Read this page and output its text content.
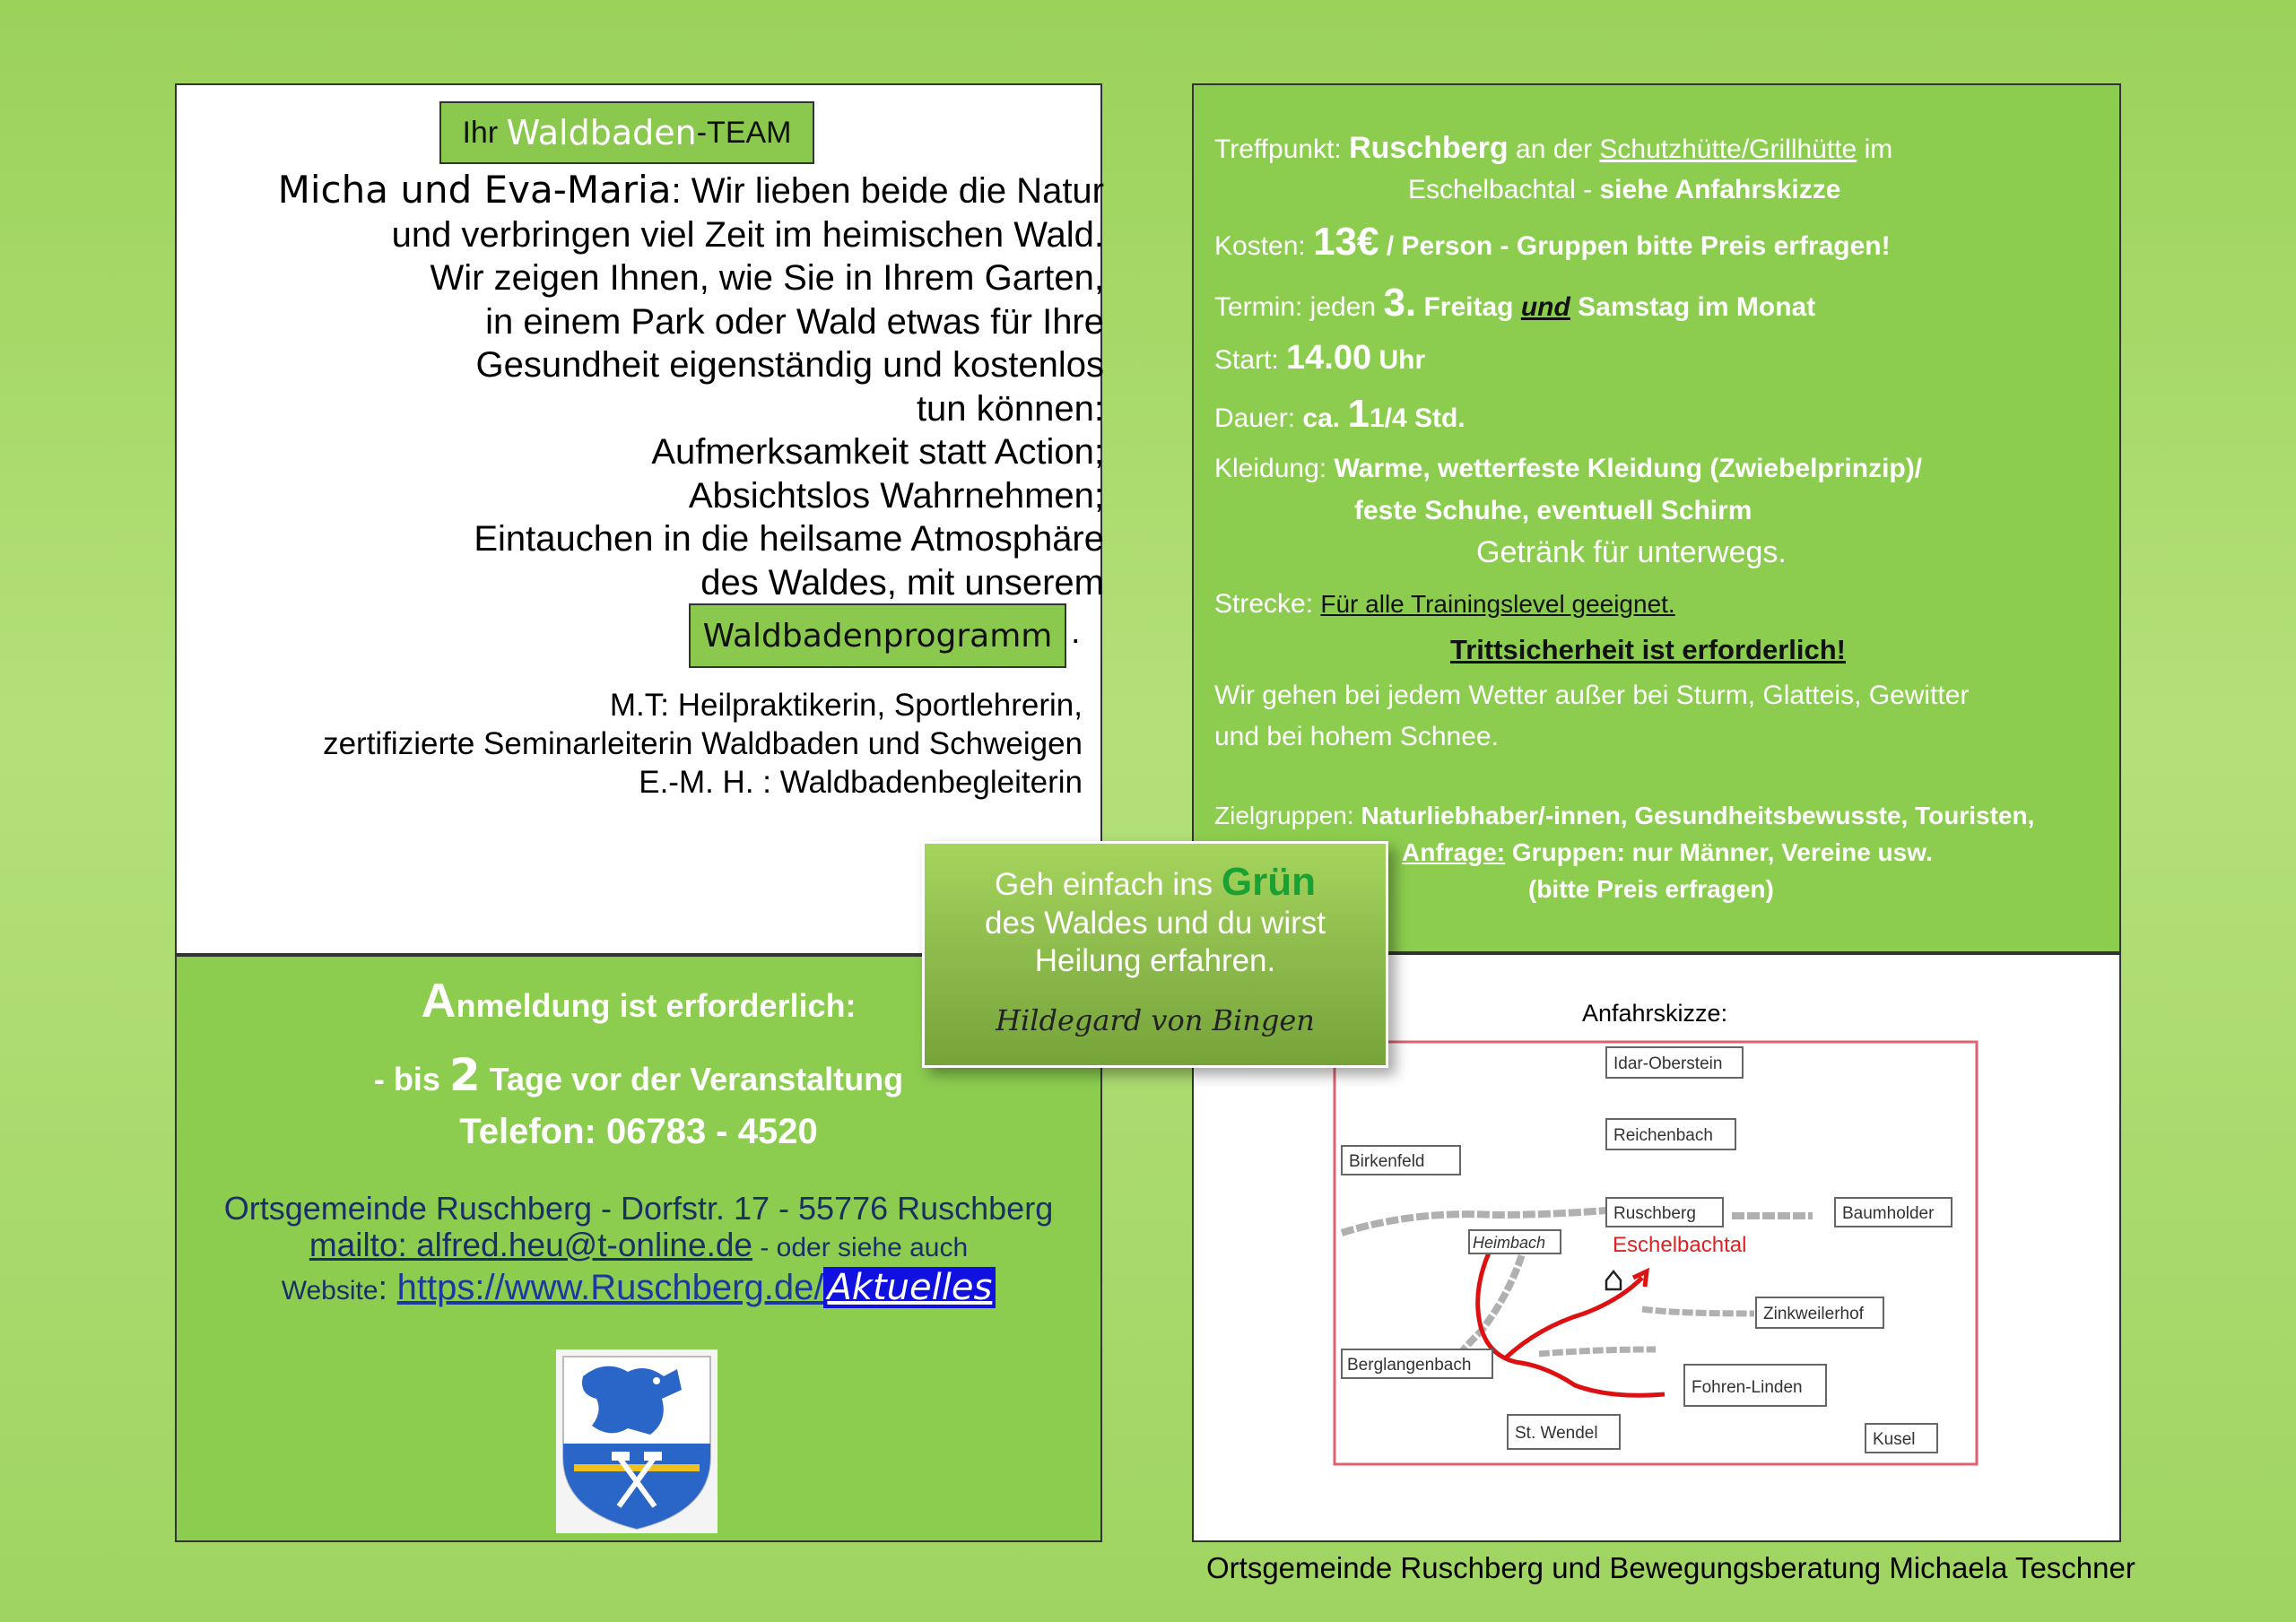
Ihr
Waldbaden -TEAM
Micha und Eva-Maria: Wir lieben beide die Natur
und verbringen viel Zeit im heimischen Wald.
Wir zeigen Ihnen, wie Sie in Ihrem Garten,
in einem Park oder Wald etwas für Ihre
Gesundheit eigenständig und kostenlos
tun können:
Aufmerksamkeit statt Action;
Absichtslos Wahrnehmen;
Eintauchen in die heilsame Atmosphäre
des Waldes, mit unserem
Waldbadenprogramm .
M.T: Heilpraktikerin, Sportlehrerin,
zertifizierte Seminarleiterin Waldbaden und Schweigen
E.-M. H. : Waldbadenbegleiterin
Anmeldung ist erforderlich:
- bis 2 Tage vor der Veranstaltung
Telefon: 06783 - 4520
Ortsgemeinde Ruschberg - Dorfstr. 17 - 55776 Ruschberg
mailto: alfred.heu@t-online.de - oder siehe auch
Website: https://www.Ruschberg.de/ Aktuelles
Treffpunkt: Ruschberg an der Schutzhütte/Grillhütte im
Eschelbachtal - siehe Anfahrskizze
Kosten: 13€ / Person - Gruppen bitte Preis erfragen!
Termin: jeden 3. Freitag und Samstag im Monat
Start: 14.00 Uhr
Dauer: ca. 11/4 Std.
Kleidung: Warme, wetterfeste Kleidung (Zwiebelprinzip)/
feste Schuhe, eventuell Schirm
Getränk für unterwegs.
Strecke: Für alle Trainingslevel geeignet.
Trittsicherheit ist erforderlich!
Wir gehen bei jedem Wetter außer bei Sturm, Glatteis, Gewitter
und bei hohem Schnee.
Zielgruppen: Naturliebhaber/-innen, Gesundheitsbewusste, Touristen,
Anfrage: Gruppen: nur Männer, Vereine usw.
(bitte Preis erfragen)
Anfahrskizze:
Idar-Oberstein
Reichenbach
Birkenfeld
Ruschberg	Baumholder
Heimbach
Zinkweilerhof
Berglangenbach
Fohren-Linden
St. Wendel	Kusel
Eschelbachtal
Geh einfach ins Grün
des Waldes und du wirst
Heilung erfahren.
Hildegard von Bingen
Ortsgemeinde Ruschberg und Bewegungsberatung Michaela Teschner
